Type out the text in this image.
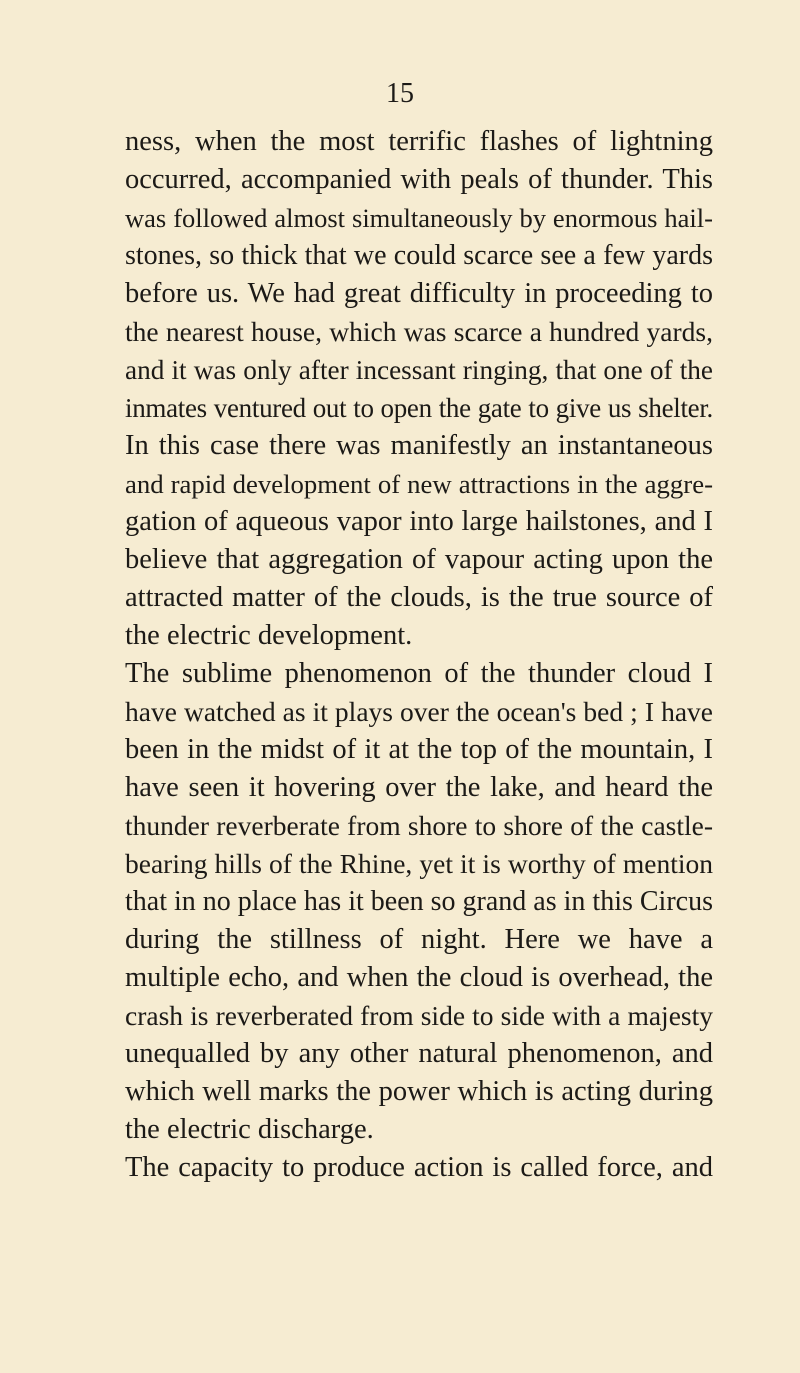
15
ness, when the most terrific flashes of lightning
occurred, accompanied with peals of thunder. This
was followed almost simultaneously by enormous hail-
stones, so thick that we could scarce see a few yards
before us. We had great difficulty in proceeding to
the nearest house, which was scarce a hundred yards,
and it was only after incessant ringing, that one of the
inmates ventured out to open the gate to give us shelter.
In this case there was manifestly an instantaneous
and rapid development of new attractions in the aggre-
gation of aqueous vapor into large hailstones, and I
believe that aggregation of vapour acting upon the
attracted matter of the clouds, is the true source of
the electric development.
The sublime phenomenon of the thunder cloud I
have watched as it plays over the ocean's bed ; I have
been in the midst of it at the top of the mountain, I
have seen it hovering over the lake, and heard the
thunder reverberate from shore to shore of the castle-
bearing hills of the Rhine, yet it is worthy of mention
that in no place has it been so grand as in this Circus
during the stillness of night. Here we have a
multiple echo, and when the cloud is overhead, the
crash is reverberated from side to side with a majesty
unequalled by any other natural phenomenon, and
which well marks the power which is acting during
the electric discharge.
The capacity to produce action is called force, and
